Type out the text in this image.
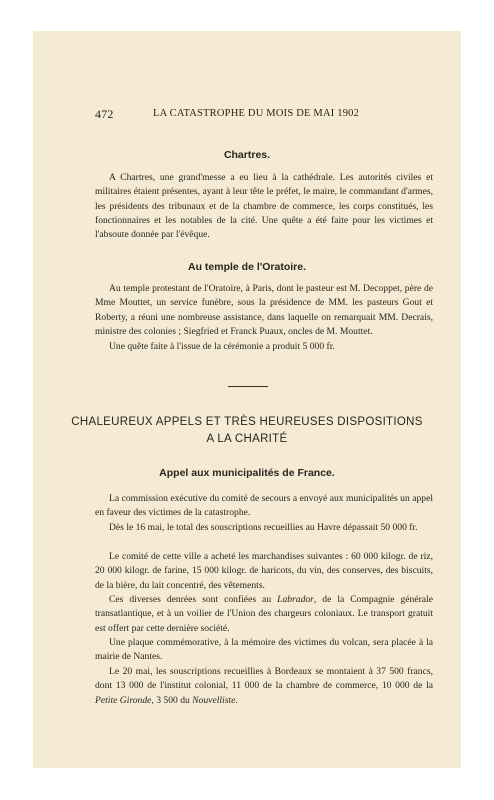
472	LA CATASTROPHE DU MOIS DE MAI 1902
Chartres.
A Chartres, une grand'messe a eu lieu à la cathédrale. Les autorités civiles et militaires étaient présentes, ayant à leur tête le préfet, le maire, le commandant d'armes, les présidents des tribunaux et de la chambre de commerce, les corps constitués, les fonctionnaires et les notables de la cité. Une quête a été faite pour les victimes et l'absoute donnée par l'évêque.
Au temple de l'Oratoire.
Au temple protestant de l'Oratoire, à Paris, dont le pasteur est M. Decoppet, père de Mme Mouttet, un service funèbre, sous la présidence de MM. les pasteurs Gout et Roberty, a réuni une nombreuse assistance, dans laquelle on remarquait MM. Decrais, ministre des colonies ; Siegfried et Franck Puaux, oncles de M. Mouttet.
Une quête faite à l'issue de la cérémonie a produit 5 000 fr.
CHALEUREUX APPELS ET TRÈS HEUREUSES DISPOSITIONS
A LA CHARITÉ
Appel aux municipalités de France.
La commission exécutive du comité de secours a envoyé aux municipalités un appel en faveur des victimes de la catastrophe.
Dès le 16 mai, le total des souscriptions recueillies au Havre dépassait 50 000 fr.
Le comité de cette ville a acheté les marchandises suivantes : 60 000 kilogr. de riz, 20 000 kilogr. de farine, 15 000 kilogr. de haricots, du vin, des conserves, des biscuits, de la bière, du lait concentré, des vêtements.
Ces diverses denrées sont confiées au Labrador, de la Compagnie générale transatlantique, et à un voilier de l'Union des chargeurs coloniaux. Le transport gratuit est offert par cette dernière société.
Une plaque commémorative, à la mémoire des victimes du volcan, sera placée à la mairie de Nantes.
Le 20 mai, les souscriptions recueillies à Bordeaux se montaient à 37 500 francs, dont 13 000 de l'institut colonial, 11 000 de la chambre de commerce, 10 000 de la Petite Gironde, 3 500 du Nouvelliste.
